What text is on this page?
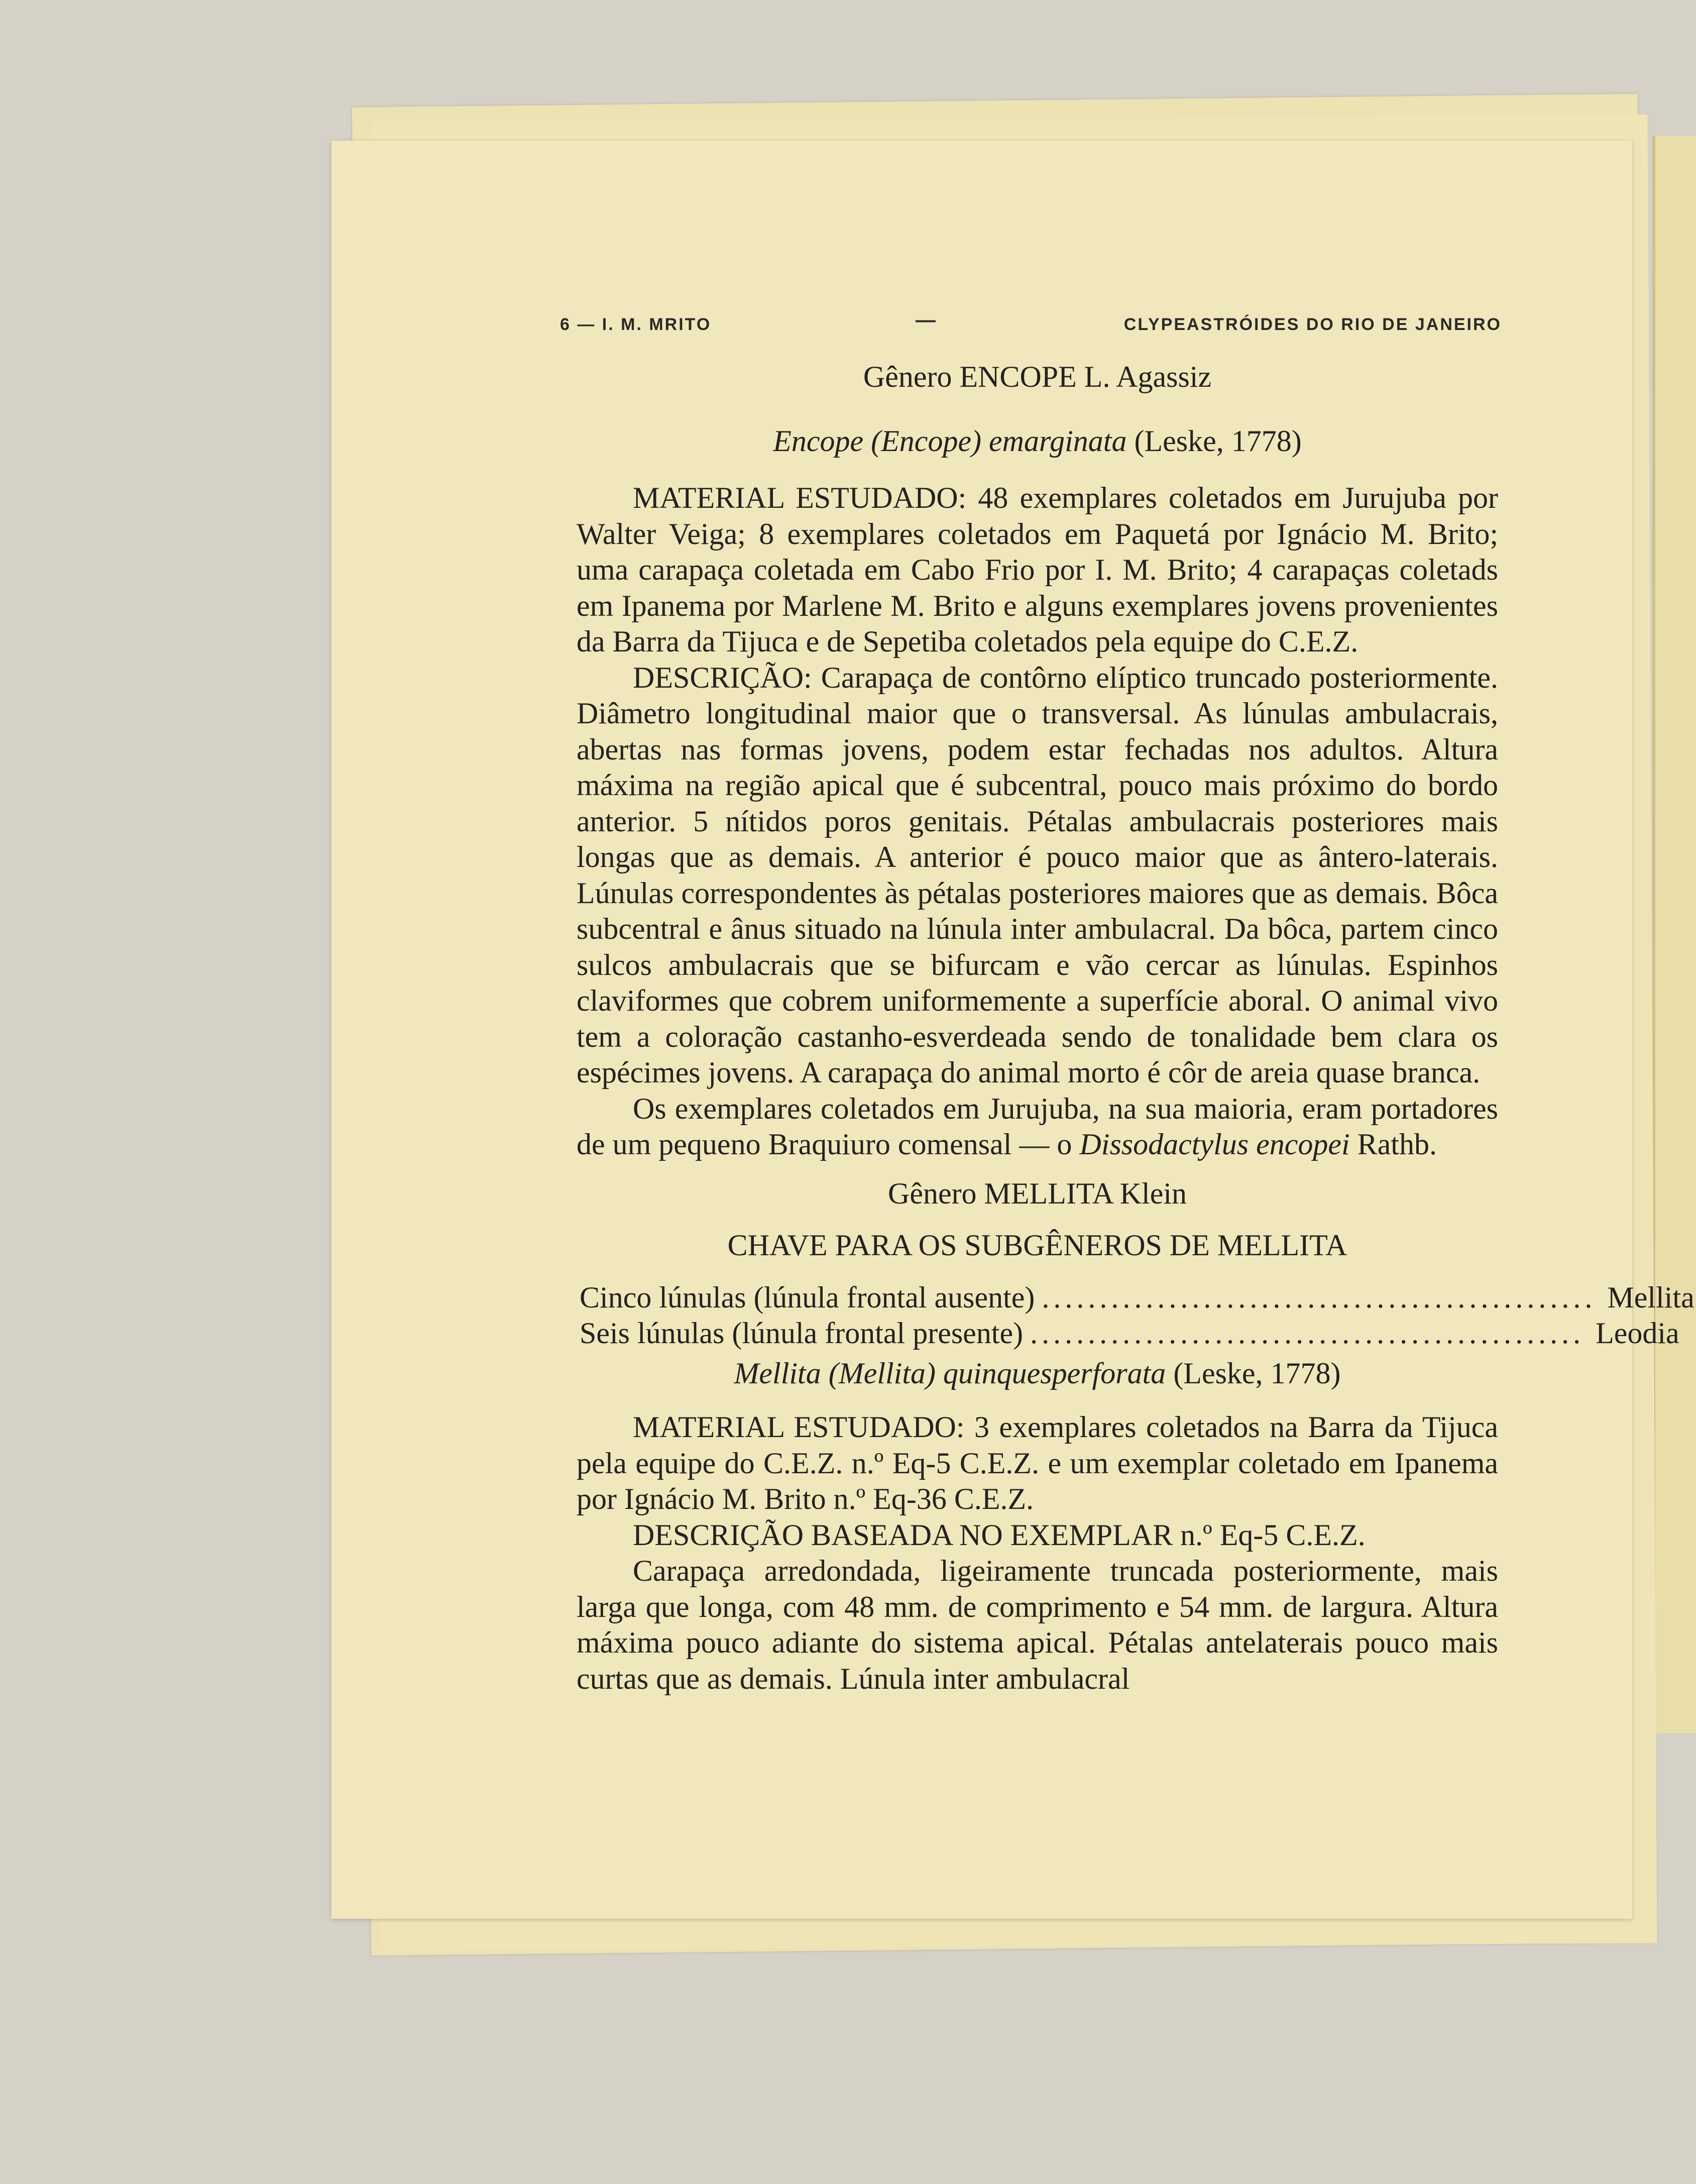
6 — I. M. MRITO	—	CLYPEASTRÓIDES DO RIO DE JANEIRO

Gênero ENCOPE L. Agassiz

Encope (Encope) emarginata (Leske, 1778)

MATERIAL ESTUDADO: 48 exemplares coletados em Jurujuba por Walter Veiga; 8 exemplares coletados em Paquetá por Ignácio M. Brito; uma carapaça coletada em Cabo Frio por I. M. Brito; 4 carapaças coletads em Ipanema por Marlene M. Brito e alguns exemplares jovens provenientes da Barra da Tijuca e de Sepetiba coletados pela equipe do C.E.Z.

DESCRIÇÃO: Carapaça de contôrno elíptico truncado posteriormente. Diâmetro longitudinal maior que o transversal. As lúnulas ambulacrais, abertas nas formas jovens, podem estar fechadas nos adultos. Altura máxima na região apical que é subcentral, pouco mais próximo do bordo anterior. 5 nítidos poros genitais. Pétalas ambulacrais posteriores mais longas que as demais. A anterior é pouco maior que as ântero-laterais. Lúnulas correspondentes às pétalas posteriores maiores que as demais. Bôca subcentral e ânus situado na lúnula inter ambulacral. Da bôca, partem cinco sulcos ambulacrais que se bifurcam e vão cercar as lúnulas. Espinhos claviformes que cobrem uniformemente a superfície aboral. O animal vivo tem a coloração castanho-esverdeada sendo de tonalidade bem clara os espécimes jovens. A carapaça do animal morto é côr de areia quase branca.

Os exemplares coletados em Jurujuba, na sua maioria, eram portadores de um pequeno Braquiuro comensal — o Dissodactylus encopei Rathb.

Gênero MELLITA Klein

CHAVE PARA OS SUBGÊNEROS DE MELLITA

Cinco lúnulas (lúnula frontal ausente) ................................................ Mellita
Seis lúnulas (lúnula frontal presente) ................................................ Leodia

Mellita (Mellita) quinquesperforata (Leske, 1778)

MATERIAL ESTUDADO: 3 exemplares coletados na Barra da Tijuca pela equipe do C.E.Z. n.º Eq-5 C.E.Z. e um exemplar coletado em Ipanema por Ignácio M. Brito n.º Eq-36 C.E.Z.

DESCRIÇÃO BASEADA NO EXEMPLAR n.º Eq-5 C.E.Z.

Carapaça arredondada, ligeiramente truncada posteriormente, mais larga que longa, com 48 mm. de comprimento e 54 mm. de largura. Altura máxima pouco adiante do sistema apical. Pétalas antelaterais pouco mais curtas que as demais. Lúnula inter ambulacral
